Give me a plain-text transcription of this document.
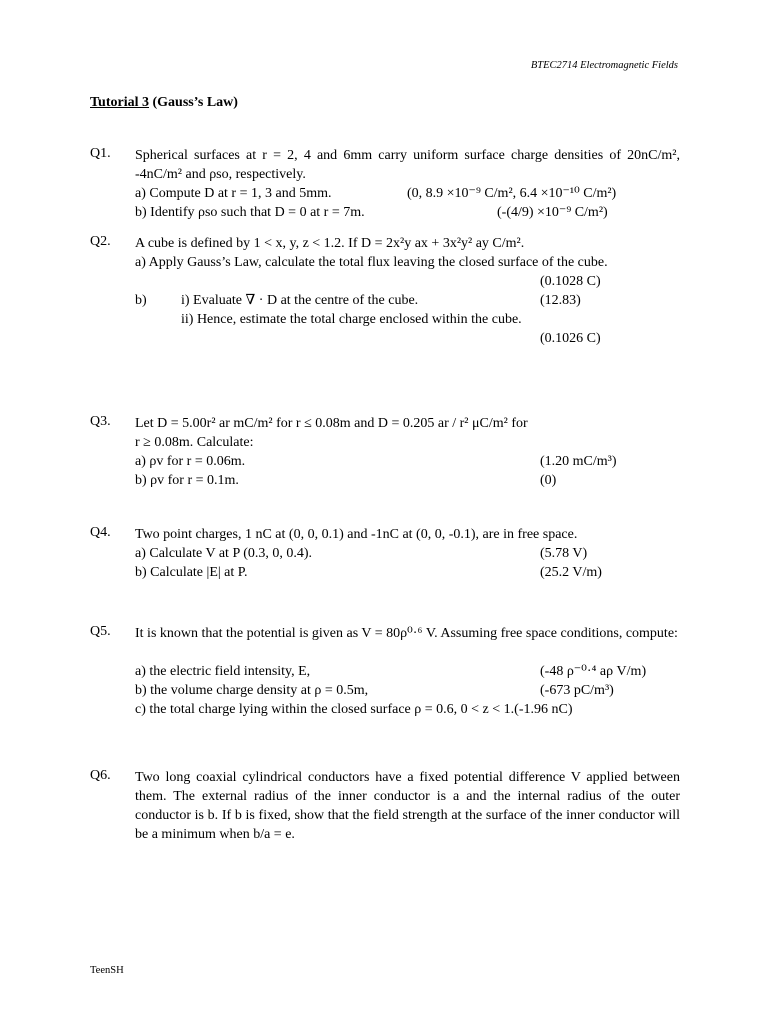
BTEC2714 Electromagnetic Fields
Tutorial 3 (Gauss’s Law)
Q1.	Spherical surfaces at r = 2, 4 and 6mm carry uniform surface charge densities of 20nC/m², -4nC/m² and ρso, respectively.
a) Compute D at r = 1, 3 and 5mm.	(0, 8.9 ×10⁻⁹ C/m², 6.4 ×10⁻¹⁰ C/m²)
b) Identify ρso such that D = 0 at r = 7m.	(-(4/9) ×10⁻⁹ C/m²)
Q2.	A cube is defined by 1 < x, y, z < 1.2. If D = 2x²y ax + 3x²y² ay C/m².
a) Apply Gauss’s Law, calculate the total flux leaving the closed surface of the cube.
(0.1028 C)
b) i) Evaluate ∇ · D at the centre of the cube.	(12.83)
ii) Hence, estimate the total charge enclosed within the cube.
(0.1026 C)
Q3.	Let D = 5.00r² ar mC/m² for r ≤ 0.08m and D = 0.205 ar / r² μC/m² for
r ≥ 0.08m. Calculate:
a) ρv for r = 0.06m.	(1.20 mC/m³)
b) ρv for r = 0.1m.	(0)
Q4.	Two point charges, 1 nC at (0, 0, 0.1) and -1nC at (0, 0, -0.1), are in free space.
a) Calculate V at P (0.3, 0, 0.4).	(5.78 V)
b) Calculate |E| at P.	(25.2 V/m)
Q5.	It is known that the potential is given as V = 80ρ⁰·⁶ V. Assuming free space conditions, compute:
a) the electric field intensity, E,	(-48 ρ⁻⁰·⁴ aρ V/m)
b) the volume charge density at ρ = 0.5m,	(-673 pC/m³)
c) the total charge lying within the closed surface ρ = 0.6, 0 < z < 1.(-1.96 nC)
Q6.	Two long coaxial cylindrical conductors have a fixed potential difference V applied between them. The external radius of the inner conductor is a and the internal radius of the outer conductor is b. If b is fixed, show that the field strength at the surface of the inner conductor will be a minimum when b/a = e.
TeenSH
